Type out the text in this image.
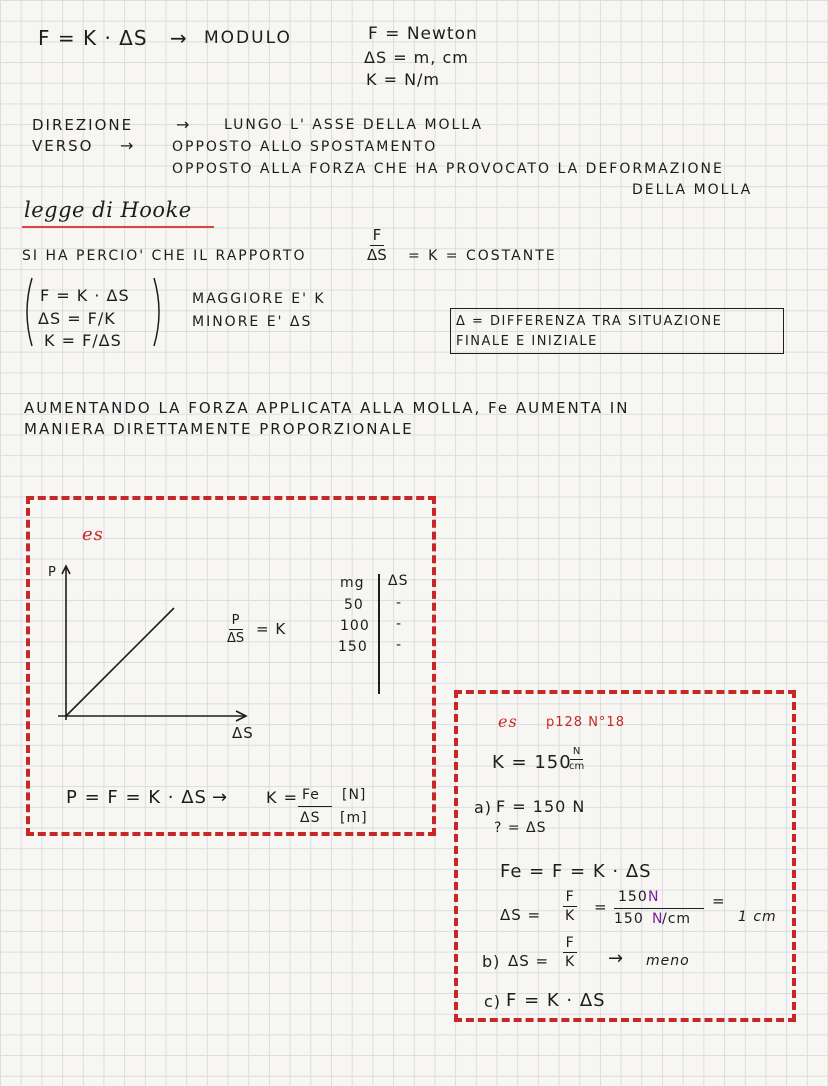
F = K · ΔS → MODULO	F = Newton
ΔS = m, cm
K = N/m
DIREZIONE	→ LUNGO L' ASSE DELLA MOLLA
VERSO →	OPPOSTO ALLO SPOSTAMENTO
OPPOSTO ALLA FORZA CHE HA PROVOCATO LA DEFORMAZIONE
DELLA MOLLA
legge di Hooke
SI HA PERCIO' CHE IL RAPPORTO	$\frac{F}{\Delta S} = K$ = COSTANTE
F = K · ΔS
ΔS = F/K
K = F/ΔS
MAGGIORE E' K
MINORE E' ΔS	Δ = DIFFERENZA TRA SITUAZIONE
FINALE E INIZIALE
AUMENTANDO LA FORZA APPLICATA ALLA MOLLA, Fe AUMENTA IN
MANIERA DIRETTAMENTE PROPORZIONALE
es
P
ΔS
$\frac{P}{\Delta S} = K$
mg ΔS
50 -
100 -
150 -
P = F = K · ΔS → K = Fe [N]
ΔS [m]
es p128 N°18
K = 150
$\frac{N}{cm}$
a) F = 150 N
? = ΔS
Fe = F = K · ΔS
$\Delta S = \frac{F}{K}$ =
150 N
150 N
/cm
=
1 cm
b) $\Delta S = \frac{F}{K}$ → meno
c) F = K · ΔS
